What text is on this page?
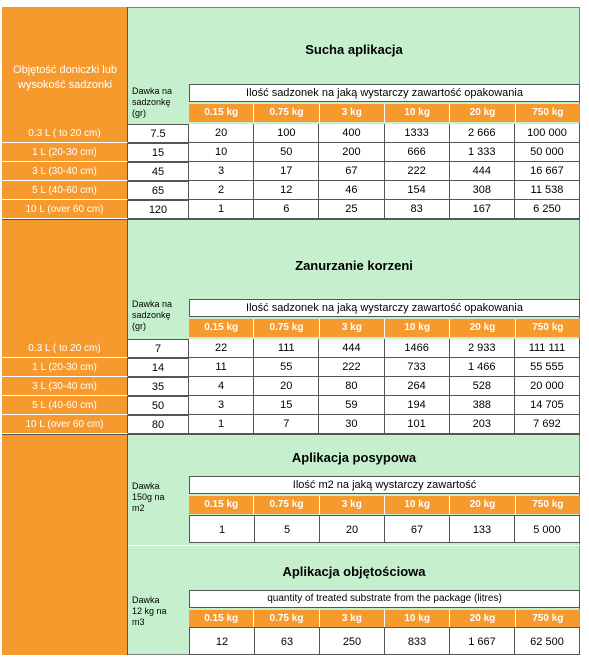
Objętość doniczki lub wysokość sadzonki
Sucha aplikacja
Dawka na sadzonkę (gr)
Ilość sadzonek na jaką wystarczy zawartość opakowania
0.15 kg	0.75 kg	3 kg	10 kg	20 kg	750 kg
0.3 L ( to 20 cm)	7.5	20	100	400	1333	2 666	100 000
1 L (20-30 cm)	15	10	50	200	666	1 333	50 000
3 L (30-40 cm)	45	3	17	67	222	444	16 667
5 L (40-60 cm)	65	2	12	46	154	308	11 538
10 L (over 60 cm)	120	1	6	25	83	167	6 250
Zanurzanie korzeni
Dawka na sadzonkę (gr)
Ilość sadzonek na jaką wystarczy zawartość opakowania
0.15 kg	0.75 kg	3 kg	10 kg	20 kg	750 kg
0.3 L ( to 20 cm)	7	22	111	444	1466	2 933	111 111
1 L (20-30 cm)	14	11	55	222	733	1 466	55 555
3 L (30-40 cm)	35	4	20	80	264	528	20 000
5 L (40-60 cm)	50	3	15	59	194	388	14 705
10 L (over 60 cm)	80	1	7	30	101	203	7 692
Aplikacja posypowa
Dawka 150g na m2
Ilość m2 na jaką wystarczy zawartość
0.15 kg	0.75 kg	3 kg	10 kg	20 kg	750 kg
1	5	20	67	133	5 000
Aplikacja objętościowa
Dawka 12 kg na m3
quantity of treated substrate from the package (litres)
0.15 kg	0.75 kg	3 kg	10 kg	20 kg	750 kg
12	63	250	833	1 667	62 500
